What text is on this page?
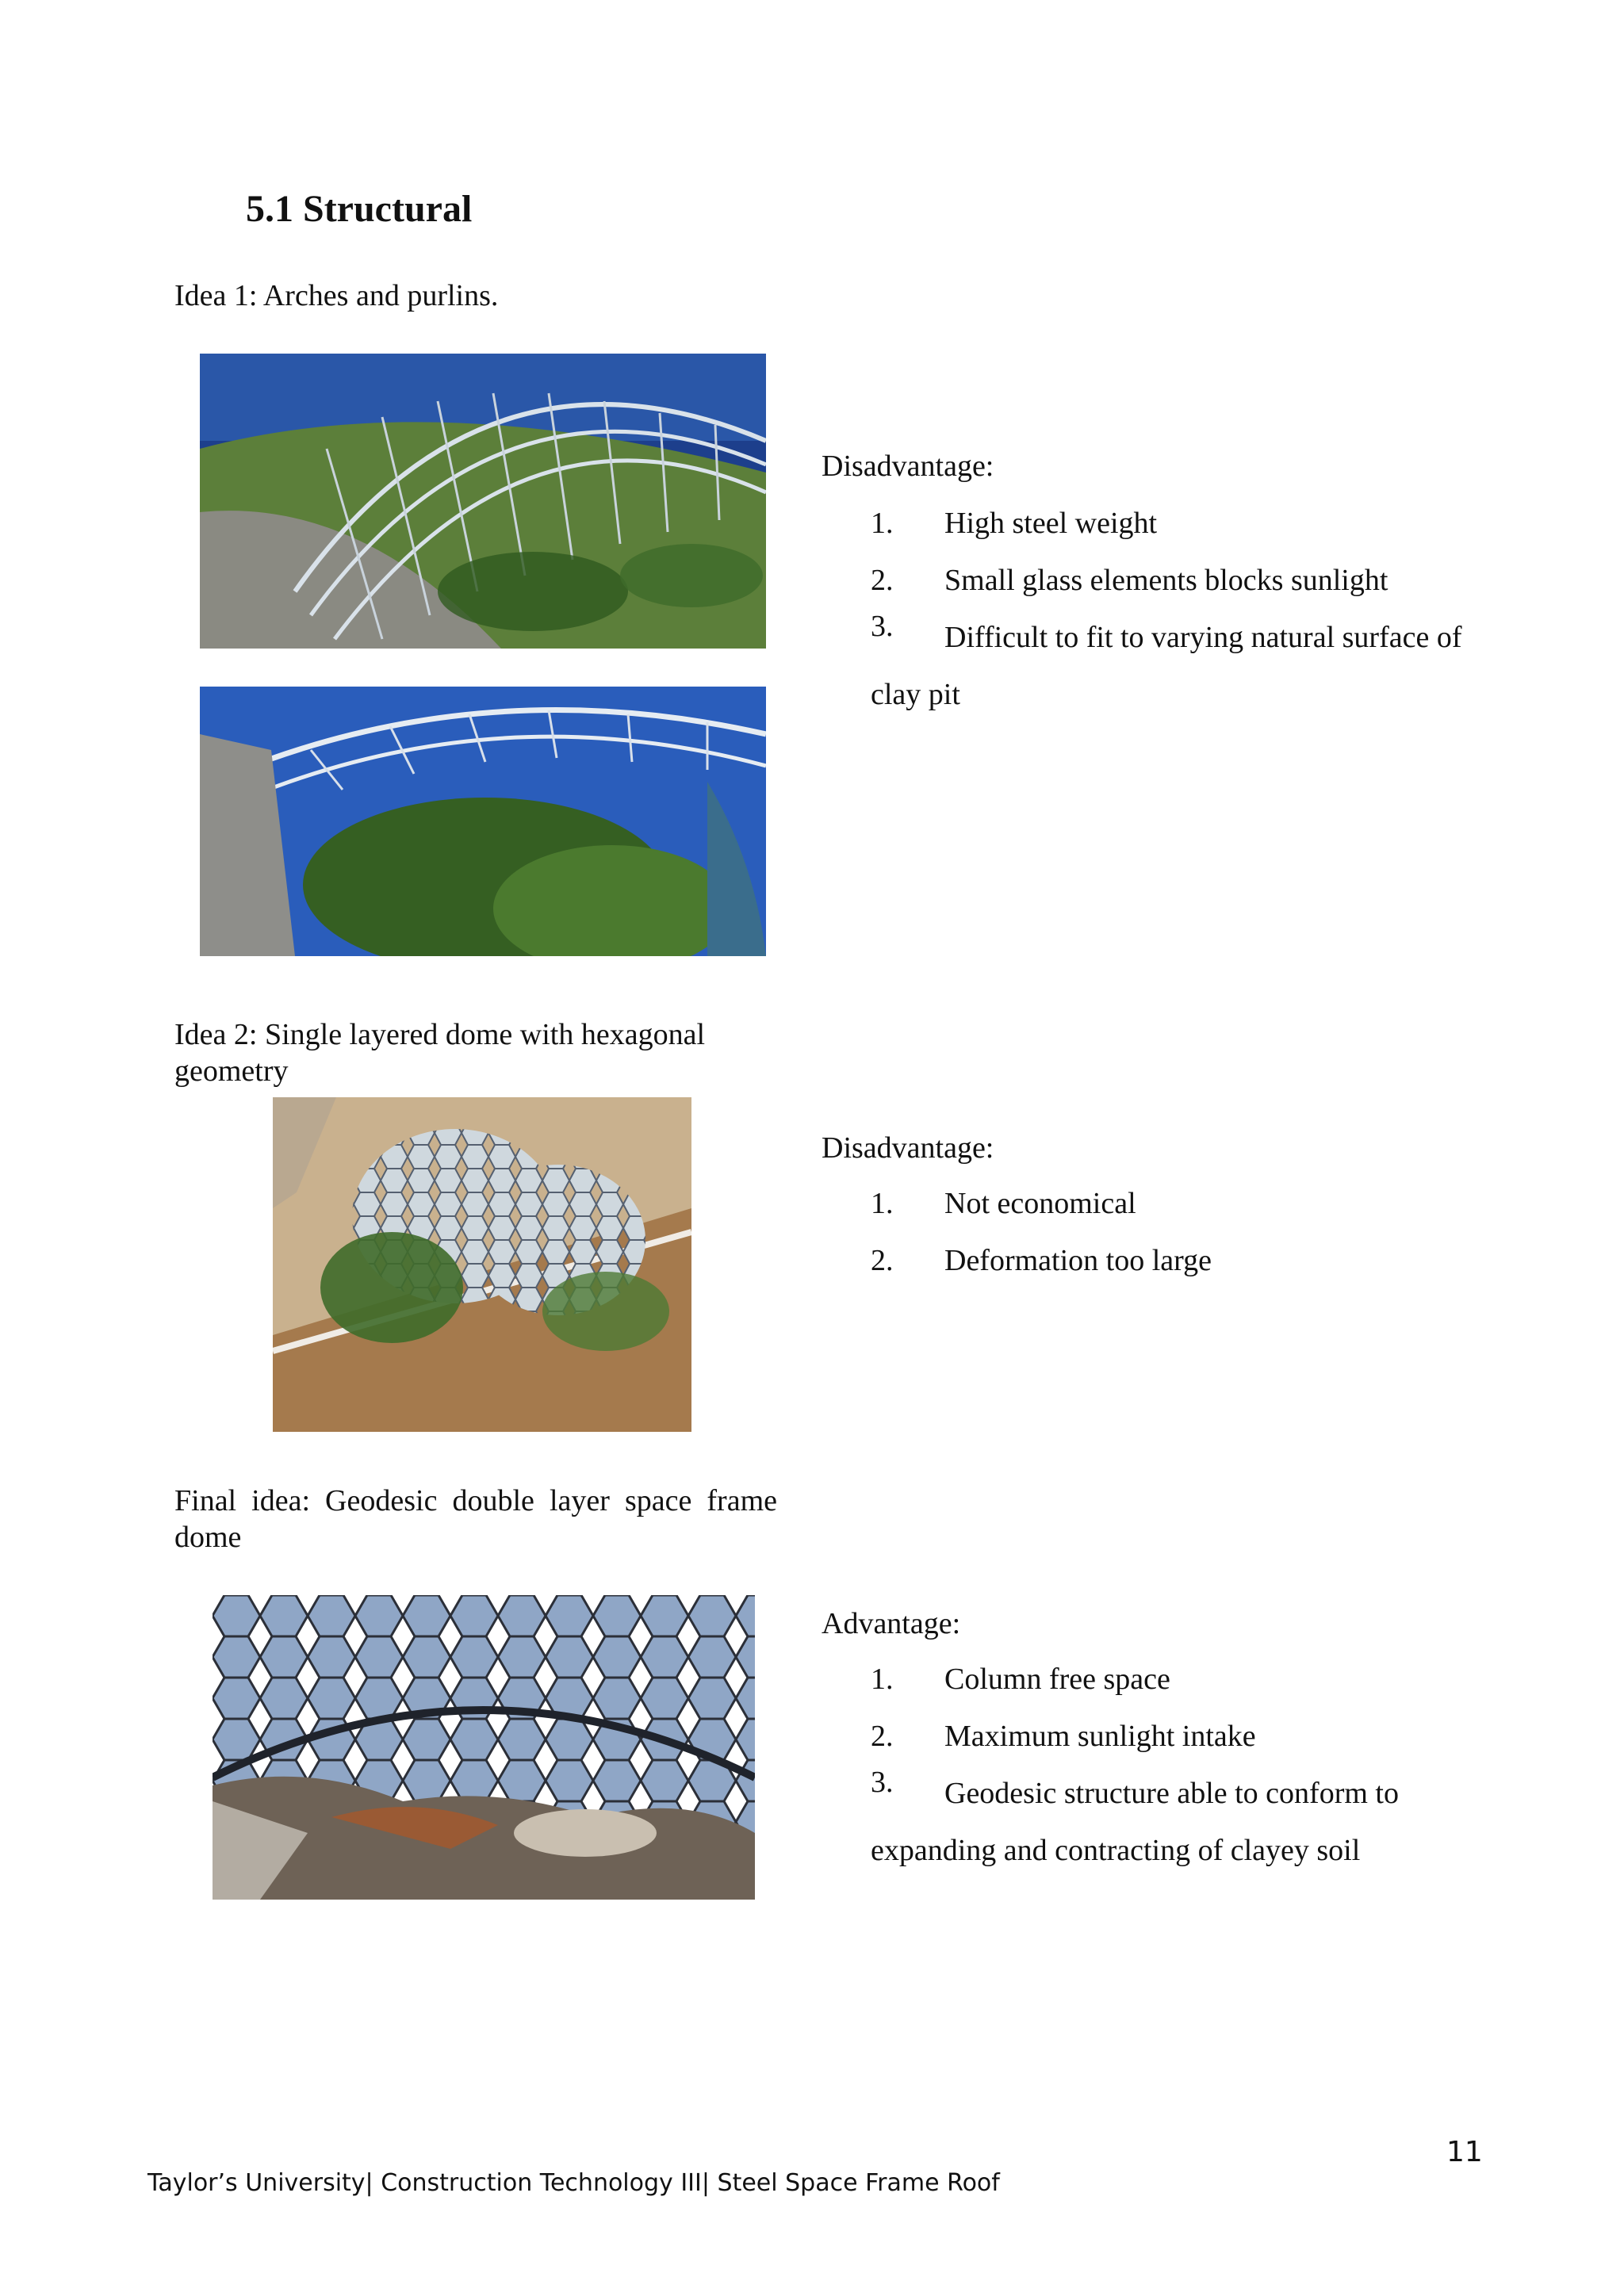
5.1 Structural
Idea 1: Arches and purlins.
Disadvantage:
1.	High steel weight
2.	Small glass elements blocks sunlight
3.	Difficult to fit to varying natural surface of clay pit
Idea 2: Single layered dome with hexagonal geometry
Disadvantage:
1.	Not economical
2.	Deformation too large
Final idea: Geodesic double layer space frame dome
Advantage:
1.	Column free space
2.	Maximum sunlight intake
3.	Geodesic structure able to conform to expanding and contracting of clayey soil
11
Taylor’s University| Construction Technology III| Steel Space Frame Roof
